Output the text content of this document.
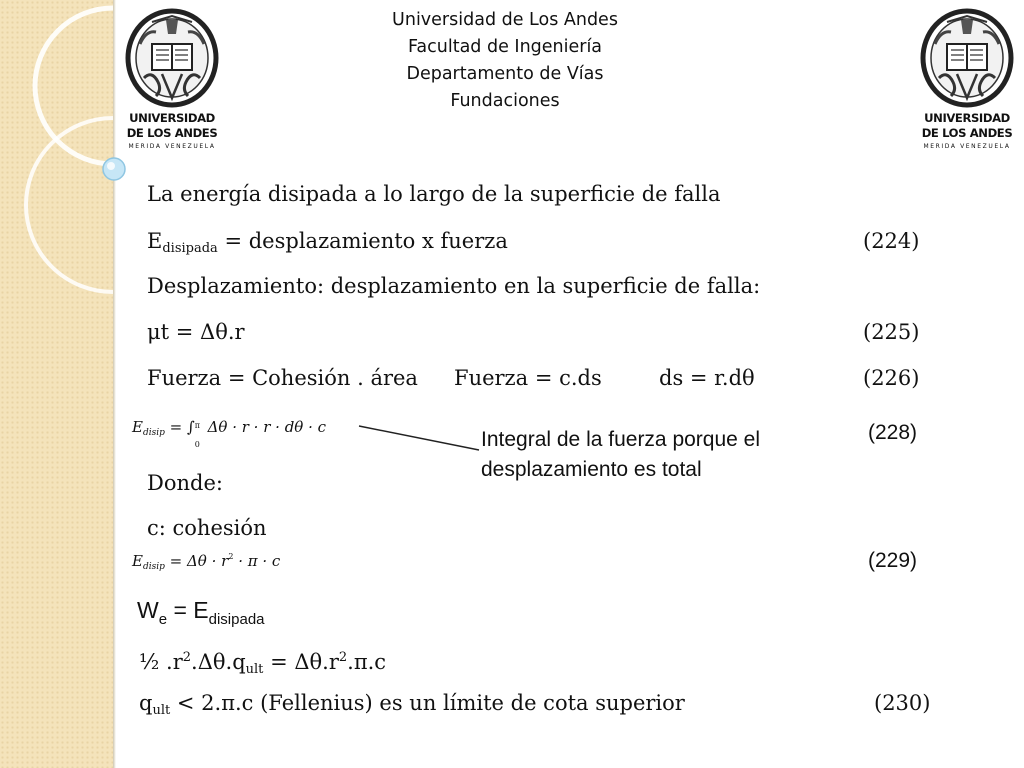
Universidad de Los Andes
Facultad de Ingeniería
Departamento de Vías
Fundaciones
UNIVERSIDAD
DE LOS ANDES
MERIDA VENEZUELA
UNIVERSIDAD
DE LOS ANDES
MERIDA VENEZUELA
La energía disipada a lo largo de la superficie de falla
$E_{disipada}$ = desplazamiento x fuerza	(224)
Desplazamiento: desplazamiento en la superficie de falla:
μt = Δθ.r	(225)
Fuerza = Cohesión . área Fuerza = c.ds	ds = r.dθ	(226)
$E_{disip}$ = ∫ π
0
Δθ · r · r · dθ · c	(228)
Integral de la fuerza porque el desplazamiento es total
Donde:
c: cohesión
$E_{disip} = \Delta\theta \cdot r^2 \cdot \pi \cdot c$	(229)
$W_e = E_{disipada}$
½ $.r^2.\Delta\theta.q_{ult} = \Delta\theta.r^2.\pi.c$
$q_{ult} < 2.\pi.c$ (Fellenius) es un límite de cota superior	(230)
